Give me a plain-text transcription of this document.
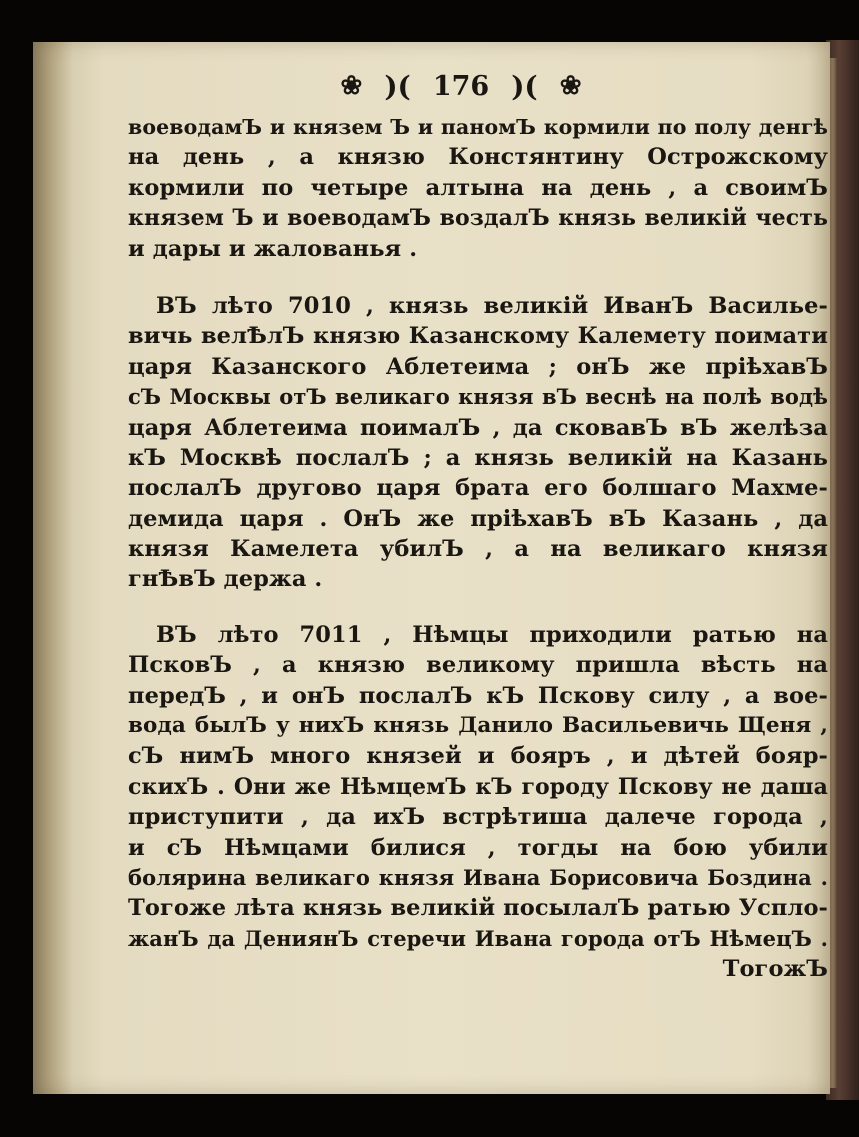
❀ )( 176 )( ❀
воеводамЪ и князем Ъ и паномЪ кормили по полу денгѣ
на день , а князю Констянтину Острожскому
кормили по четыре алтына на день , а своимЪ
князем Ъ и воеводамЪ воздалЪ князь великій честь
и дары и жалованья .
ВЪ лѣто 7010 , князь великій ИванЪ Василье-
вичь велѢлЪ князю Казанскому Калемету поимати
царя Казанского Аблетеима ; онЪ же пріѣхавЪ
сЪ Москвы отЪ великаго князя вЪ веснѣ на полѣ водѣ
царя Аблетеима поималЪ , да сковавЪ вЪ желѣза
кЪ Москвѣ послалЪ ; а князь великій на Казань
послалЪ другово царя брата его болшаго Махме-
демида царя . ОнЪ же пріѣхавЪ вЪ Казань , да
князя Камелета убилЪ , а на великаго князя
гнѢвЪ держа .
ВЪ лѣто 7011 , Нѣмцы приходили ратью на
ПсковЪ , а князю великому пришла вѣсть на
передЪ , и онЪ послалЪ кЪ Пскову силу , а вое-
вода былЪ у нихЪ князь Данило Васильевичь Щеня ,
сЪ нимЪ много князей и бояръ , и дѣтей бояр-
скихЪ . Они же НѣмцемЪ кЪ городу Пскову не даша
приступити , да ихЪ встрѣтиша далече города ,
и сЪ Нѣмцами билися , тогды на бою убили
болярина великаго князя Ивана Борисовича Боздина .
Тогоже лѣта князь великій посылалЪ ратью Успло-
жанЪ да ДениянЪ стеречи Ивана города отЪ НѣмецЪ .
ТогожЪ
